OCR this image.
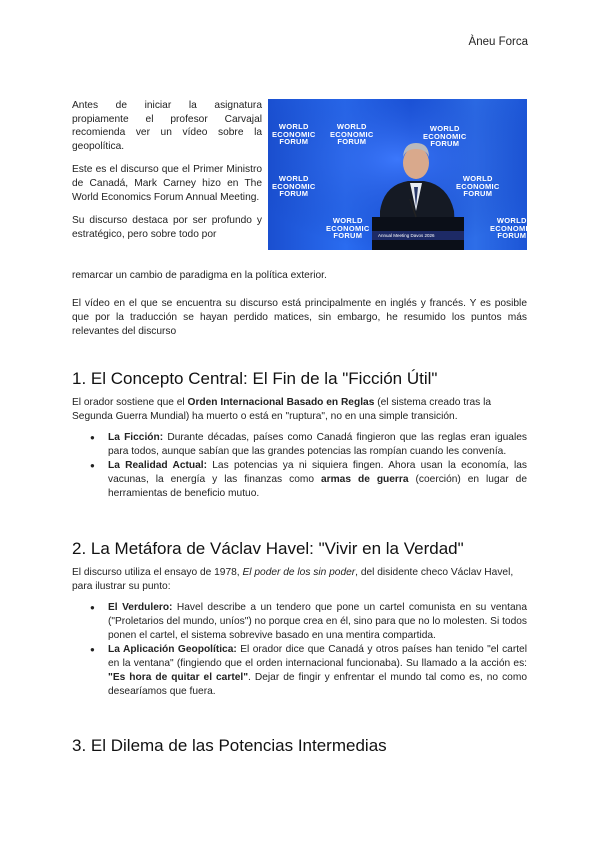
Àneu Forca

Antes de iniciar la asignatura propiamente el profesor Carvajal recomienda ver un vídeo sobre la geopolítica.

Este es el discurso que el Primer Ministro de Canadá, Mark Carney hizo en The World Economics Forum Annual Meeting.

Su discurso destaca por ser profundo y estratégico, pero sobre todo por

remarcar un cambio de paradigma en la política exterior.

WORLD
ECONOMIC
FORUM
WORLD
ECONOMIC
FORUM
WORLD
ECONOMIC
FORUM
WORLD
ECONOMIC
FORUM
WORLD
ECONOMIC
FORUM
WORLD
ECONOMIC
FORUM
WORLD
ECONOMIC
FORUM
Annual Meeting Davos 2026

El vídeo en el que se encuentra su discurso está principalmente en inglés y francés. Y es posible que por la traducción se hayan perdido matices, sin embargo, he resumido los puntos más relevantes del discurso

1. El Concepto Central: El Fin de la "Ficción Útil"

El orador sostiene que el Orden Internacional Basado en Reglas (el sistema creado tras la Segunda Guerra Mundial) ha muerto o está en "ruptura", no en una simple transición.

● La Ficción: Durante décadas, países como Canadá fingieron que las reglas eran iguales para todos, aunque sabían que las grandes potencias las rompían cuando les convenía.
● La Realidad Actual: Las potencias ya ni siquiera fingen. Ahora usan la economía, las vacunas, la energía y las finanzas como armas de guerra (coerción) en lugar de herramientas de beneficio mutuo.
2. La Metáfora de Václav Havel: "Vivir en la Verdad"

El discurso utiliza el ensayo de 1978, El poder de los sin poder, del disidente checo Václav Havel, para ilustrar su punto:

● El Verdulero: Havel describe a un tendero que pone un cartel comunista en su ventana ("Proletarios del mundo, uníos") no porque crea en él, sino para que no lo molesten. Si todos ponen el cartel, el sistema sobrevive basado en una mentira compartida.
● La Aplicación Geopolítica: El orador dice que Canadá y otros países han tenido "el cartel en la ventana" (fingiendo que el orden internacional funcionaba). Su llamado a la acción es: "Es hora de quitar el cartel". Dejar de fingir y enfrentar el mundo tal como es, no como desearíamos que fuera.
3. El Dilema de las Potencias Intermedias
